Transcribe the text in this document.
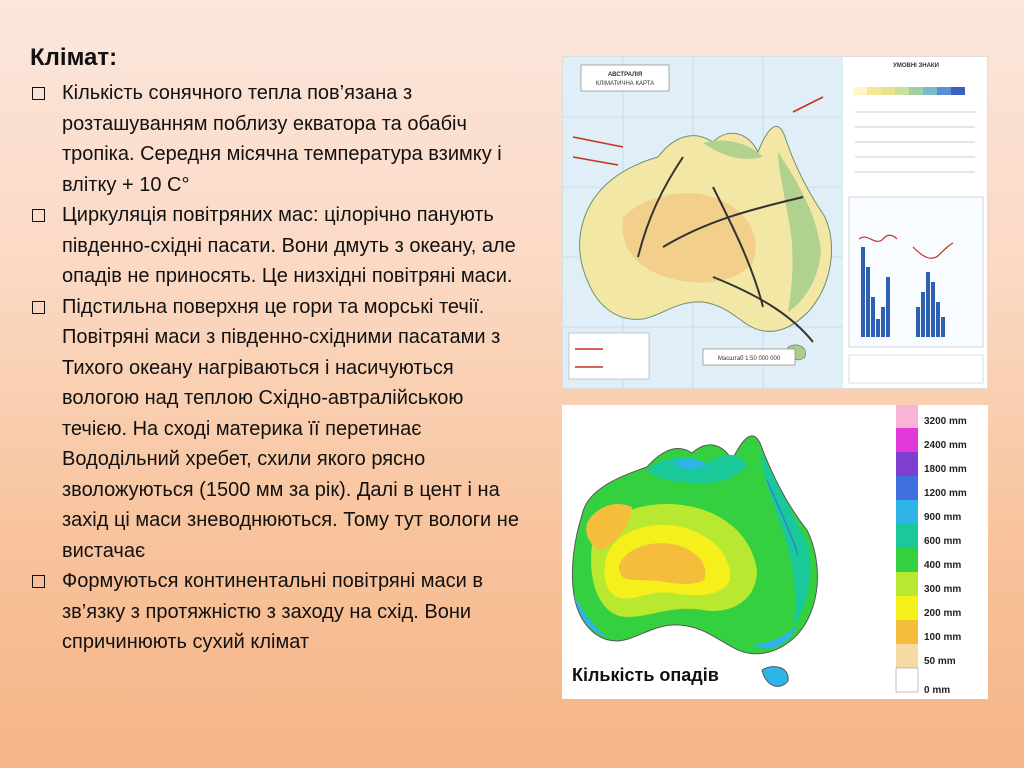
Клімат:
Кількість сонячного тепла пов’язана з розташуванням поблизу екватора та обабіч тропіка. Середня місячна температура взимку і влітку + 10 С°
Циркуляція повітряних мас: цілорічно панують південно-східні пасати. Вони дмуть з океану, але опадів не приносять. Це низхідні повітряні маси.
Підстильна поверхня це гори та морські течії. Повітряні маси з південно-східними пасатами з Тихого океану нагріваються і насичуються вологою над теплою Східно-автралійською течією. На сході материка її перетинає Вододільний хребет, схили якого рясно зволожуються (1500 мм за рік). Далі в цент і на захід ці маси зневоднюються. Тому тут вологи не вистачає
Формуються континентальні повітряні маси в зв’язку з протяжністю з заходу на схід. Вони спричинюють сухий клімат
АВСТРАЛІЯ
КЛІМАТИЧНА КАРТА
Масштаб 1:50 000 000
УМОВНІ ЗНАКИ
3200 mm
2400 mm
1800 mm
1200 mm
900 mm
600 mm
400 mm
300 mm
200 mm
100 mm
50 mm
0 mm
Кількість опадів
